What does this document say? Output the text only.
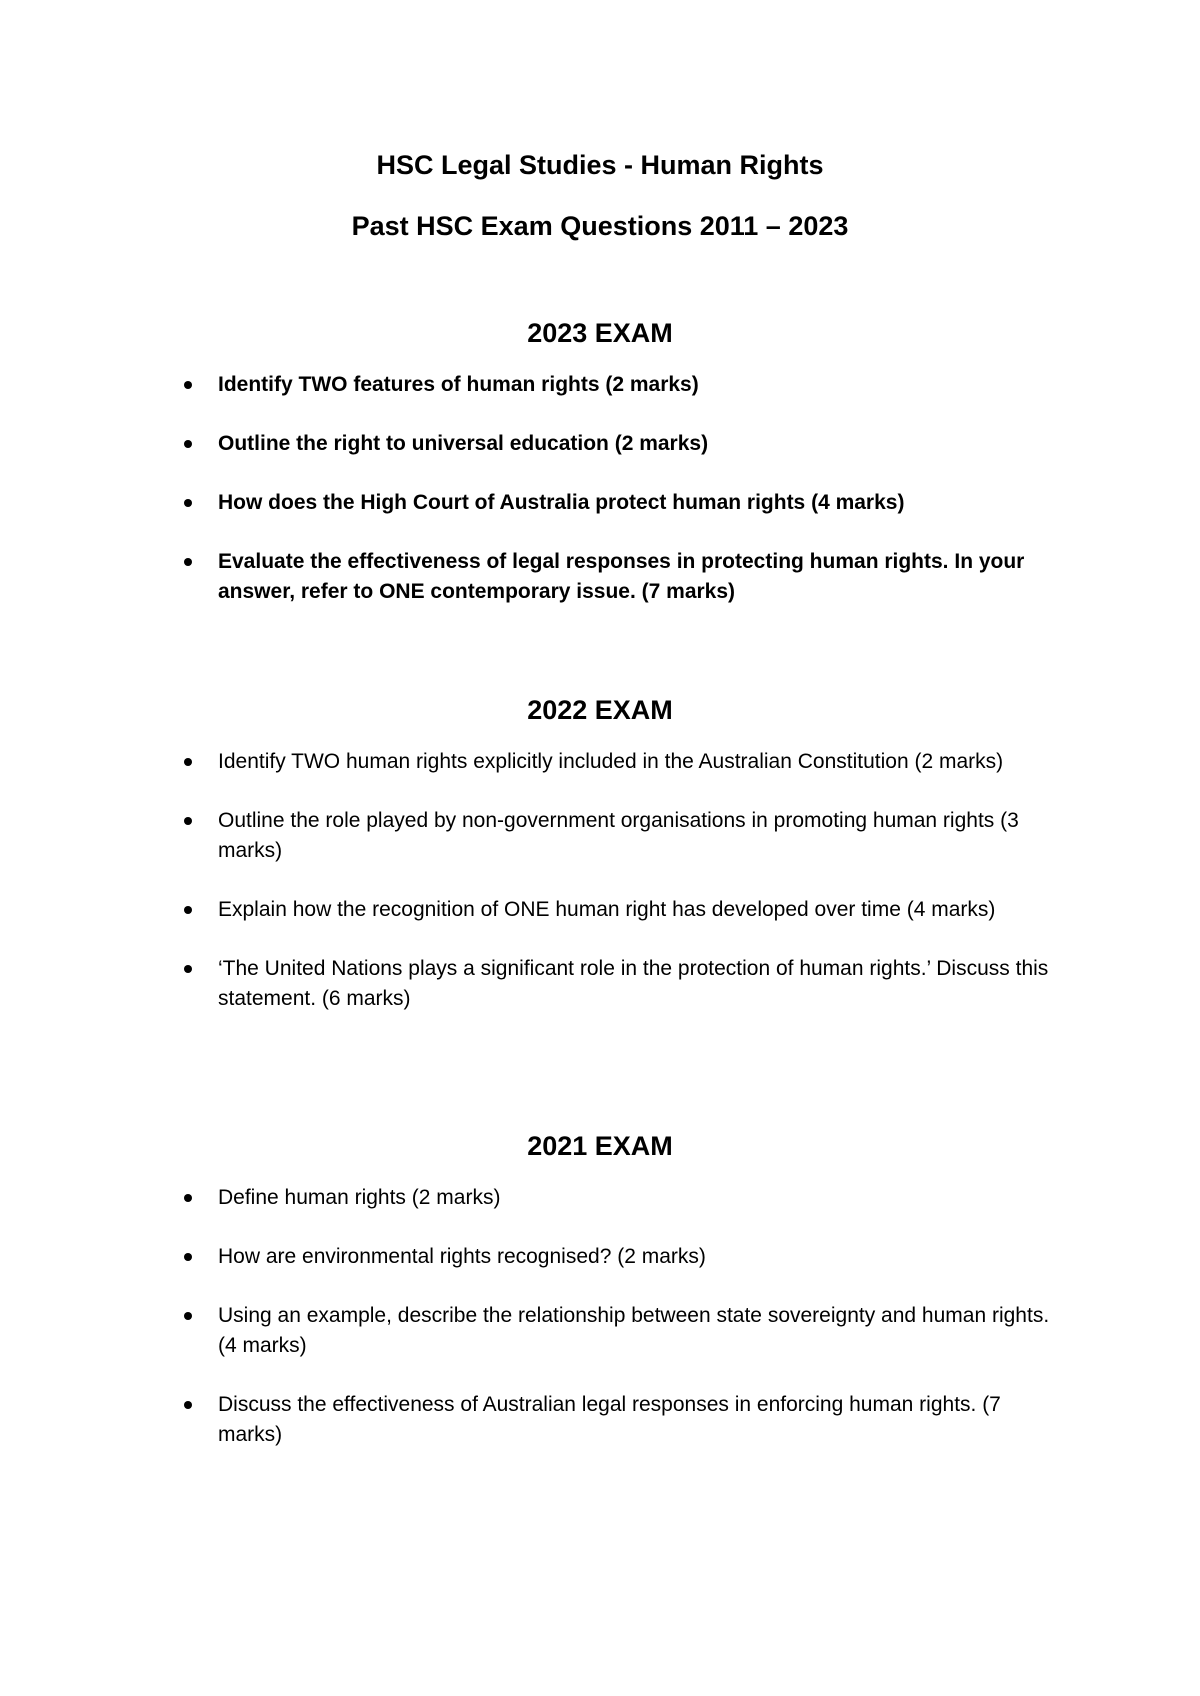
HSC Legal Studies - Human Rights
Past HSC Exam Questions 2011 – 2023
2023 EXAM
Identify TWO features of human rights (2 marks)
Outline the right to universal education (2 marks)
How does the High Court of Australia protect human rights (4 marks)
Evaluate the effectiveness of legal responses in protecting human rights. In your answer, refer to ONE contemporary issue. (7 marks)
2022 EXAM
Identify TWO human rights explicitly included in the Australian Constitution (2 marks)
Outline the role played by non-government organisations in promoting human rights (3 marks)
Explain how the recognition of ONE human right has developed over time (4 marks)
‘The United Nations plays a significant role in the protection of human rights.’ Discuss this statement. (6 marks)
2021 EXAM
Define human rights (2 marks)
How are environmental rights recognised? (2 marks)
Using an example, describe the relationship between state sovereignty and human rights. (4 marks)
Discuss the effectiveness of Australian legal responses in enforcing human rights. (7 marks)
